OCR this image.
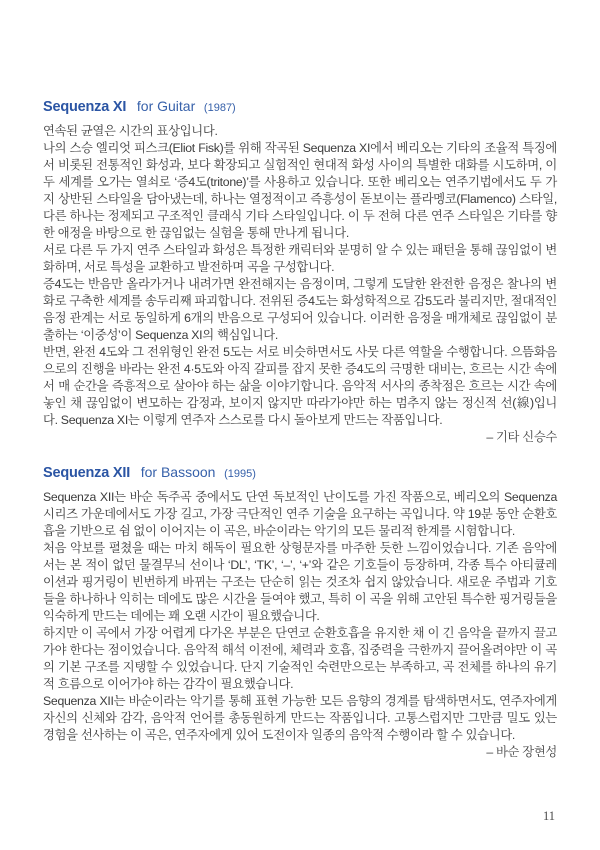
Sequenza XI for Guitar (1987)

연속된 균열은 시간의 표상입니다.

나의 스승 엘리엇 피스크(Eliot Fisk)를 위해 작곡된 Sequenza XI에서 베리오는 기타의 조율적 특징에서 비롯된 전통적인 화성과, 보다 확장되고 실험적인 현대적 화성 사이의 특별한 대화를 시도하며, 이 두 세계를 오가는 열쇠로 ‘증4도(tritone)’를 사용하고 있습니다. 또한 베리오는 연주기법에서도 두 가지 상반된 스타일을 담아냈는데, 하나는 열정적이고 즉흥성이 돋보이는 플라멩코(Flamenco) 스타일, 다른 하나는 정제되고 구조적인 클래식 기타 스타일입니다. 이 두 전혀 다른 연주 스타일은 기타를 향한 애정을 바탕으로 한 끊임없는 실험을 통해 만나게 됩니다.

서로 다른 두 가지 연주 스타일과 화성은 특정한 캐릭터와 분명히 알 수 있는 패턴을 통해 끊임없이 변화하며, 서로 특성을 교환하고 발전하며 곡을 구성합니다.

증4도는 반음만 올라가거나 내려가면 완전해지는 음정이며, 그렇게 도달한 완전한 음정은 찰나의 변화로 구축한 세계를 송두리째 파괴합니다. 전위된 증4도는 화성학적으로 감5도라 불리지만, 절대적인 음정 관계는 서로 동일하게 6개의 반음으로 구성되어 있습니다. 이러한 음정을 매개체로 끊임없이 분출하는 ‘이중성’이 Sequenza XI의 핵심입니다.

반면, 완전 4도와 그 전위형인 완전 5도는 서로 비슷하면서도 사뭇 다른 역할을 수행합니다. 으뜸화음으로의 진행을 바라는 완전 4·5도와 아직 갈피를 잡지 못한 증4도의 극명한 대비는, 흐르는 시간 속에서 매 순간을 즉흥적으로 살아야 하는 삶을 이야기합니다. 음악적 서사의 종착점은 흐르는 시간 속에 놓인 채 끊임없이 변모하는 감정과, 보이지 않지만 따라가야만 하는 멈추지 않는 정신적 선(線)입니다. Sequenza XI는 이렇게 연주자 스스로를 다시 돌아보게 만드는 작품입니다.

– 기타 신승수

Sequenza XII for Bassoon (1995)

Sequenza XII는 바순 독주곡 중에서도 단연 독보적인 난이도를 가진 작품으로, 베리오의 Sequenza 시리즈 가운데에서도 가장 길고, 가장 극단적인 연주 기술을 요구하는 곡입니다. 약 19분 동안 순환호흡을 기반으로 쉼 없이 이어지는 이 곡은, 바순이라는 악기의 모든 물리적 한계를 시험합니다.

처음 악보를 펼쳤을 때는 마치 해독이 필요한 상형문자를 마주한 듯한 느낌이었습니다. 기존 음악에서는 본 적이 없던 물결무늬 선이나 ‘DL’, ‘TK’, ‘–’, ‘+’와 같은 기호들이 등장하며, 각종 특수 아티큘레이션과 핑거링이 빈번하게 바뀌는 구조는 단순히 읽는 것조차 쉽지 않았습니다. 새로운 주법과 기호들을 하나하나 익히는 데에도 많은 시간을 들여야 했고, 특히 이 곡을 위해 고안된 특수한 핑거링들을 익숙하게 만드는 데에는 꽤 오랜 시간이 필요했습니다.

하지만 이 곡에서 가장 어렵게 다가온 부분은 단연코 순환호흡을 유지한 채 이 긴 음악을 끝까지 끌고 가야 한다는 점이었습니다. 음악적 해석 이전에, 체력과 호흡, 집중력을 극한까지 끌어올려야만 이 곡의 기본 구조를 지탱할 수 있었습니다. 단지 기술적인 숙련만으로는 부족하고, 곡 전체를 하나의 유기적 흐름으로 이어가야 하는 감각이 필요했습니다.

Sequenza XII는 바순이라는 악기를 통해 표현 가능한 모든 음향의 경계를 탐색하면서도, 연주자에게 자신의 신체와 감각, 음악적 언어를 총동원하게 만드는 작품입니다. 고통스럽지만 그만큼 밀도 있는 경험을 선사하는 이 곡은, 연주자에게 있어 도전이자 일종의 음악적 수행이라 할 수 있습니다.

– 바순 장현성

11
